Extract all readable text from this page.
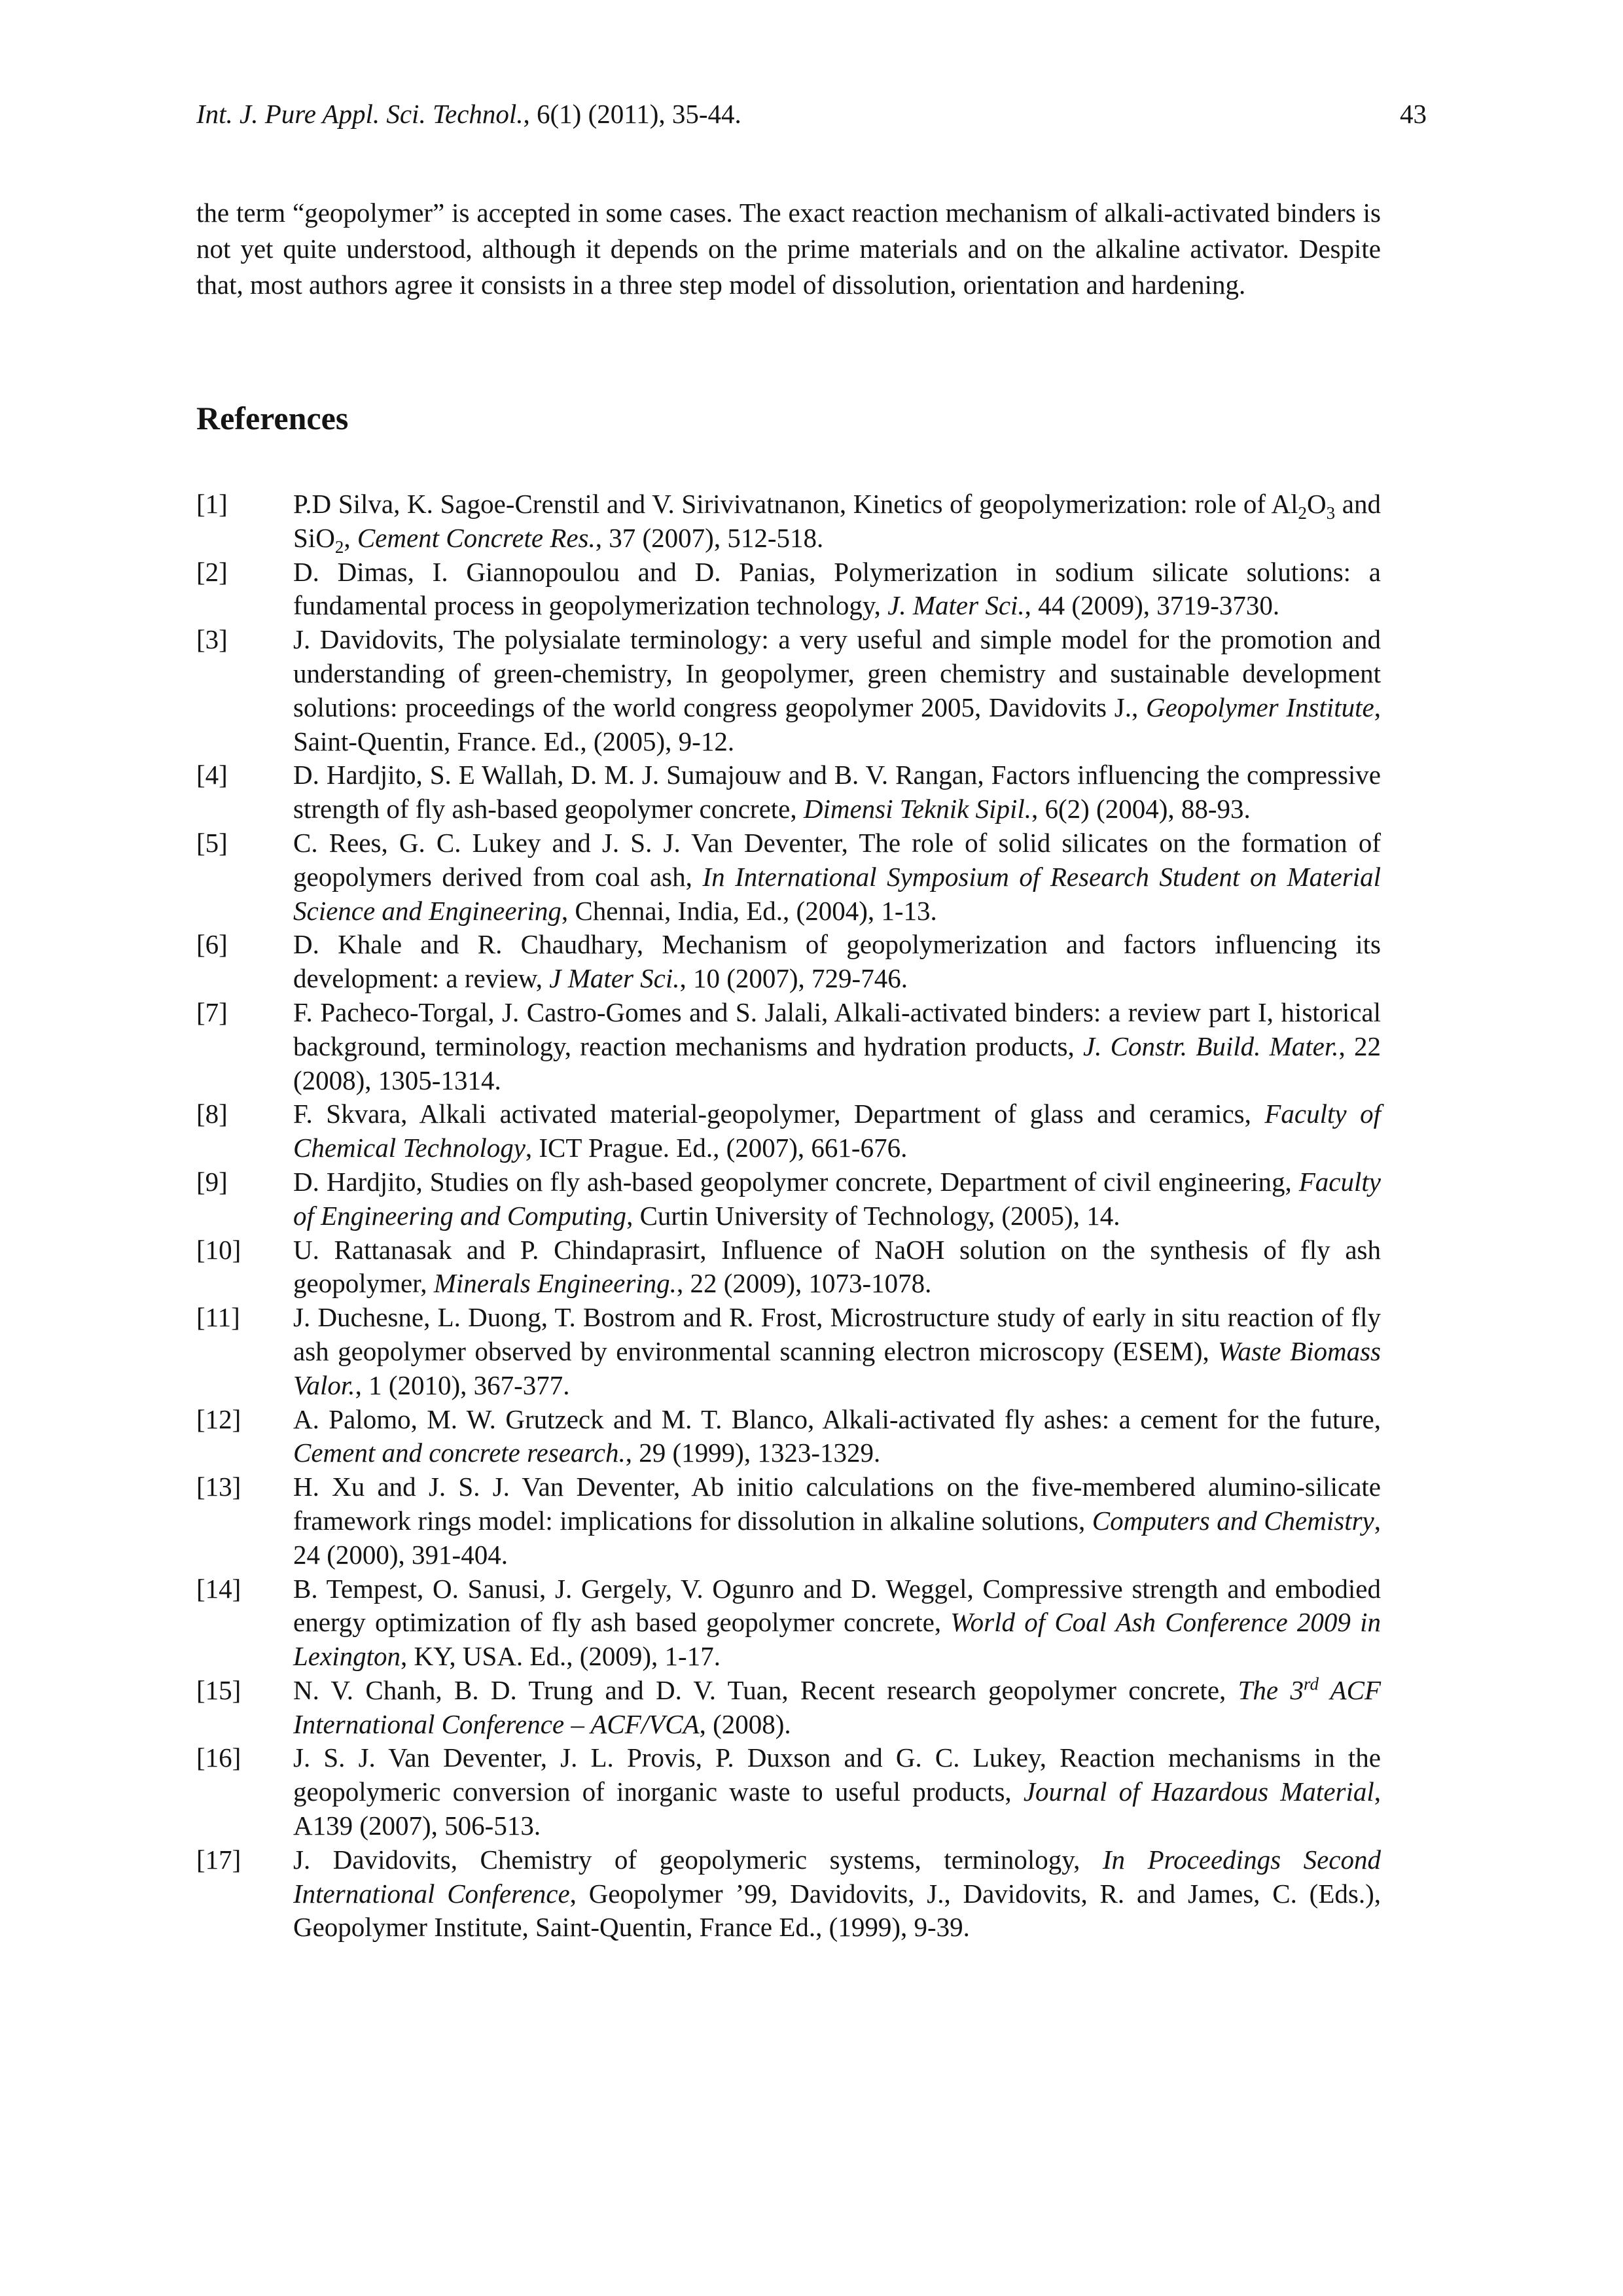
Int. J. Pure Appl. Sci. Technol., 6(1) (2011), 35-44.	43

the term “geopolymer” is accepted in some cases. The exact reaction mechanism of alkali-activated binders is not yet quite understood, although it depends on the prime materials and on the alkaline activator. Despite that, most authors agree it consists in a three step model of dissolution, orientation and hardening.

References
[1]	P.D Silva, K. Sagoe-Crenstil and V. Sirivivatnanon, Kinetics of geopolymerization: role of $Al_2O_3$ and SiO$_2$, Cement Concrete Res., 37 (2007), 512-518.
[2]	D. Dimas, I. Giannopoulou and D. Panias, Polymerization in sodium silicate solutions: a fundamental process in geopolymerization technology, J. Mater Sci., 44 (2009), 3719-3730.
[3]	J. Davidovits, The polysialate terminology: a very useful and simple model for the promotion and understanding of green-chemistry, In geopolymer, green chemistry and sustainable development solutions: proceedings of the world congress geopolymer 2005, Davidovits J., Geopolymer Institute, Saint-Quentin, France. Ed., (2005), 9-12.
[4]	D. Hardjito, S. E Wallah, D. M. J. Sumajouw and B. V. Rangan, Factors influencing the compressive strength of fly ash-based geopolymer concrete, Dimensi Teknik Sipil., 6(2) (2004), 88-93.
[5]	C. Rees, G. C. Lukey and J. S. J. Van Deventer, The role of solid silicates on the formation of geopolymers derived from coal ash, In International Symposium of Research Student on Material Science and Engineering, Chennai, India, Ed., (2004), 1-13.
[6]	D. Khale and R. Chaudhary, Mechanism of geopolymerization and factors influencing its development: a review, J Mater Sci., 10 (2007), 729-746.
[7]	F. Pacheco-Torgal, J. Castro-Gomes and S. Jalali, Alkali-activated binders: a review part I, historical background, terminology, reaction mechanisms and hydration products, J. Constr. Build. Mater., 22 (2008), 1305-1314.
[8]	F. Skvara, Alkali activated material-geopolymer, Department of glass and ceramics, Faculty of Chemical Technology, ICT Prague. Ed., (2007), 661-676.
[9]	D. Hardjito, Studies on fly ash-based geopolymer concrete, Department of civil engineering, Faculty of Engineering and Computing, Curtin University of Technology, (2005), 14.
[10]	U. Rattanasak and P. Chindaprasirt, Influence of NaOH solution on the synthesis of fly ash geopolymer, Minerals Engineering., 22 (2009), 1073-1078.
[11]	J. Duchesne, L. Duong, T. Bostrom and R. Frost, Microstructure study of early in situ reaction of fly ash geopolymer observed by environmental scanning electron microscopy (ESEM), Waste Biomass Valor., 1 (2010), 367-377.
[12]	A. Palomo, M. W. Grutzeck and M. T. Blanco, Alkali-activated fly ashes: a cement for the future, Cement and concrete research., 29 (1999), 1323-1329.
[13]	H. Xu and J. S. J. Van Deventer, Ab initio calculations on the five-membered alumino-silicate framework rings model: implications for dissolution in alkaline solutions, Computers and Chemistry, 24 (2000), 391-404.
[14]	B. Tempest, O. Sanusi, J. Gergely, V. Ogunro and D. Weggel, Compressive strength and embodied energy optimization of fly ash based geopolymer concrete, World of Coal Ash Conference 2009 in Lexington, KY, USA. Ed., (2009), 1-17.
[15]	N. V. Chanh, B. D. Trung and D. V. Tuan, Recent research geopolymer concrete, The 3rd ACF International Conference – ACF/VCA, (2008).
[16]	J. S. J. Van Deventer, J. L. Provis, P. Duxson and G. C. Lukey, Reaction mechanisms in the geopolymeric conversion of inorganic waste to useful products, Journal of Hazardous Material, A139 (2007), 506-513.
[17]	J. Davidovits, Chemistry of geopolymeric systems, terminology, In Proceedings Second International Conference, Geopolymer ’99, Davidovits, J., Davidovits, R. and James, C. (Eds.), Geopolymer Institute, Saint-Quentin, France Ed., (1999), 9-39.
